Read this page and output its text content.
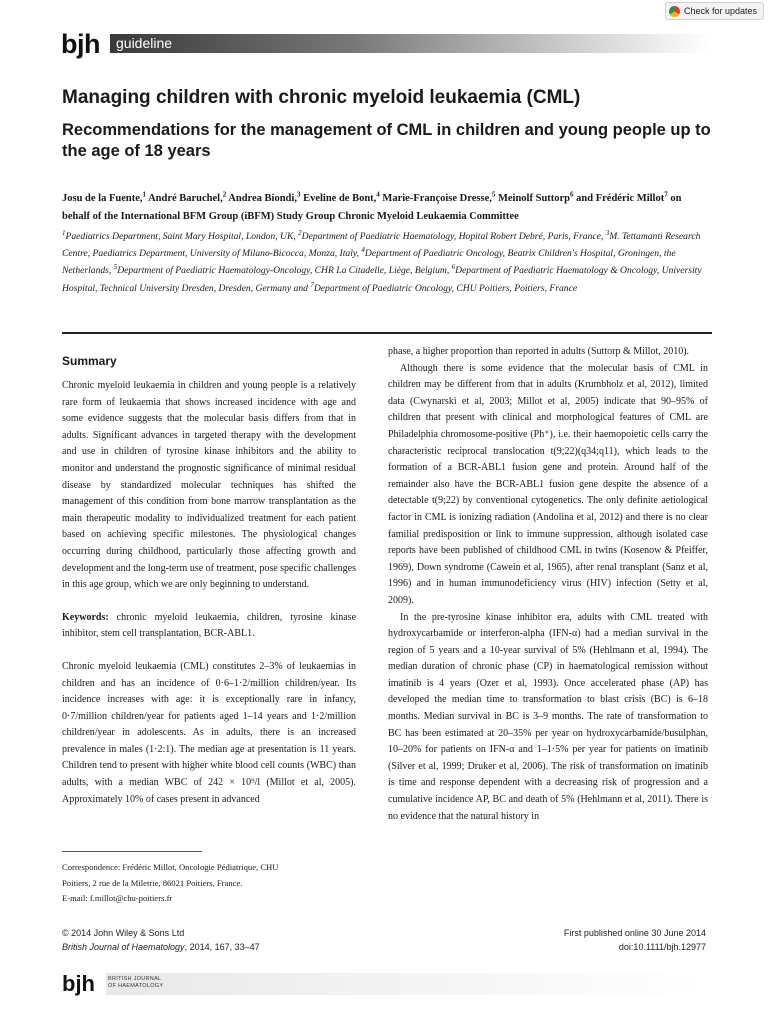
Check for updates
bjh guideline
Managing children with chronic myeloid leukaemia (CML)
Recommendations for the management of CML in children and young people up to the age of 18 years
Josu de la Fuente,$^1$ André Baruchel,$^2$ Andrea Biondi,$^3$ Eveline de Bont,$^4$ Marie-Françoise Dresse,$^5$ Meinolf Suttorp$^6$ and Frédéric Millot$^7$ on behalf of the International BFM Group (iBFM) Study Group Chronic Myeloid Leukaemia Committee
$^1$Paediatrics Department, Saint Mary Hospital, London, UK, $^2$Department of Paediatric Haematology, Hopital Robert Debré, Paris, France, $^3$M. Tettamanti Research Centre, Paediatrics Department, University of Milano-Bicocca, Monza, Italy, $^4$Department of Paediatric Oncology, Beatrix Children's Hospital, Groningen, the Netherlands, $^5$Department of Paediatric Haematology-Oncology, CHR La Citadelle, Liège, Belgium, $^6$Department of Paediatric Haematology & Oncology, University Hospital, Technical University Dresden, Dresden, Germany and $^7$Department of Paediatric Oncology, CHU Poitiers, Poitiers, France
Summary

Chronic myeloid leukaemia in children and young people is a relatively rare form of leukaemia that shows increased incidence with age and some evidence suggests that the molecular basis differs from that in adults. Significant advances in targeted therapy with the development and use in children of tyrosine kinase inhibitors and the ability to monitor and understand the prognostic significance of minimal residual disease by standardized molecular techniques has shifted the management of this condition from bone marrow transplantation as the main therapeutic modality to individualized treatment for each patient based on achieving specific milestones. The physiological changes occurring during childhood, particularly those affecting growth and development and the long-term use of treatment, pose specific challenges in this age group, which we are only beginning to understand.

Keywords: chronic myeloid leukaemia, children, tyrosine kinase inhibitor, stem cell transplantation, BCR-ABL1.

Chronic myeloid leukaemia (CML) constitutes 2–3% of leukaemias in children and has an incidence of 0·6–1·2/million children/year. Its incidence increases with age: it is exceptionally rare in infancy, 0·7/million children/year for patients aged 1–14 years and 1·2/million children/year in adolescents. As in adults, there is an increased prevalence in males (1·2:1). The median age at presentation is 11 years. Children tend to present with higher white blood cell counts (WBC) than adults, with a median WBC of 242 × 10⁹/l (Millot et al, 2005). Approximately 10% of cases present in advanced

phase, a higher proportion than reported in adults (Suttorp & Millot, 2010).

Although there is some evidence that the molecular basis of CML in children may be different from that in adults (Krumbholz et al, 2012), limited data (Cwynarski et al, 2003; Millot et al, 2005) indicate that 90–95% of children that present with clinical and morphological features of CML are Philadelphia chromosome-positive (Ph⁺), i.e. their haemopoietic cells carry the characteristic reciprocal translocation t(9;22)(q34;q11), which leads to the formation of a BCR-ABL1 fusion gene and protein. Around half of the remainder also have the BCR-ABL1 fusion gene despite the absence of a detectable t(9;22) by conventional cytogenetics. The only definite aetiological factor in CML is ionizing radiation (Andolina et al, 2012) and there is no clear familial predisposition or link to immune suppression, although isolated case reports have been published of childhood CML in twins (Kosenow & Pfeiffer, 1969), Down syndrome (Cawein et al, 1965), after renal transplant (Sanz et al, 1996) and in human immunodeficiency virus (HIV) infection (Setty et al, 2009).

In the pre-tyrosine kinase inhibitor era, adults with CML treated with hydroxycarbamide or interferon-alpha (IFN-α) had a median survival in the region of 5 years and a 10-year survival of 5% (Hehlmann et al, 1994). The median duration of chronic phase (CP) in haematological remission without imatinib is 4 years (Ozer et al, 1993). Once accelerated phase (AP) has developed the median time to transformation to blast crisis (BC) is 6–18 months. Median survival in BC is 3–9 months. The rate of transformation to BC has been estimated at 20–35% per year on hydroxycarbamide/busulphan, 10–20% for patients on IFN-α and 1–1·5% per year for patients on imatinib (Silver et al, 1999; Druker et al, 2006). The risk of transformation on imatinib is time and response dependent with a decreasing risk of progression and a cumulative incidence AP, BC and death of 5% (Hehlmann et al, 2011). There is no evidence that the natural history in

Correspondence: Frédéric Millot, Oncologie Pédiatrique, CHU
Poitiers, 2 rue de la Miletrie, 86021 Poitiers, France.
E-mail: f.millot@chu-poitiers.fr
© 2014 John Wiley & Sons Ltd
British Journal of Haematology, 2014, 167, 33–47
First published online 30 June 2014
doi:10.1111/bjh.12977
bjh BRITISH JOURNAL
OF HAEMATOLOGY
